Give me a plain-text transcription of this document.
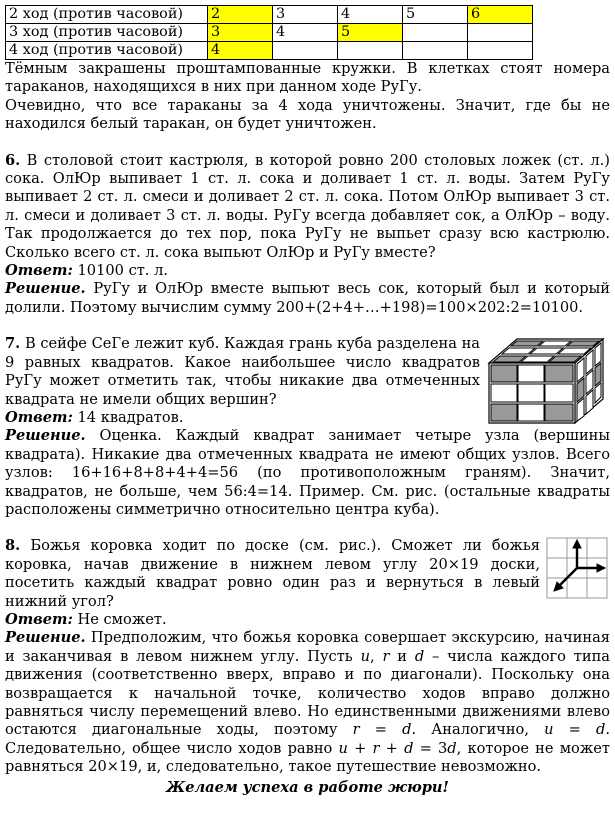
2 ход (против часовой)	2	3	4	5	6
3 ход (против часовой)	3	4	5		
4 ход (против часовой)	4				

Тёмным закрашены проштампованные кружки. В клетках стоят номера тараканов, находящихся в них при данном ходе РуГу.

Очевидно, что все тараканы за 4 хода уничтожены. Значит, где бы не находился белый таракан, он будет уничтожен.

6. В столовой стоит кастрюля, в которой ровно 200 столовых ложек (ст. л.) сока. ОлЮр выпивает 1 ст. л. сока и доливает 1 ст. л. воды. Затем РуГу выпивает 2 ст. л. смеси и доливает 2 ст. л. сока. Потом ОлЮр выпивает 3 ст. л. смеси и доливает 3 ст. л. воды. РуГу всегда добавляет сок, а ОлЮр – воду. Так продолжается до тех пор, пока РуГу не выпьет сразу всю кастрюлю. Сколько всего ст. л. сока выпьют ОлЮр и РуГу вместе?

Ответ: 10100 ст. л.

Решение. РуГу и ОлЮр вместе выпьют весь сок, который был и который долили. Поэтому вычислим сумму 200+(2+4+…+198)=100×202:2=10100.

7. В сейфе СеГе лежит куб. Каждая грань куба разделена на 9 равных квадратов. Какое наибольшее число квадратов РуГу может отметить так, чтобы никакие два отмеченных квадрата не имели общих вершин?

Ответ: 14 квадратов.

Решение. Оценка. Каждый квадрат занимает четыре узла (вершины квадрата). Никакие два отмеченных квадрата не имеют общих узлов. Всего узлов: 16+16+8+8+4+4=56 (по противоположным граням). Значит, квадратов, не больше, чем 56:4=14. Пример. См. рис. (остальные квадраты расположены симметрично относительно центра куба).

8. Божья коровка ходит по доске (см. рис.). Сможет ли божья коровка, начав движение в нижнем левом углу 20×19 доски, посетить каждый квадрат ровно один раз и вернуться в левый нижний угол?

Ответ: Не сможет.

Решение. Предположим, что божья коровка совершает экскурсию, начиная и заканчивая в левом нижнем углу. Пусть u, r и d – числа каждого типа движения (соответственно вверх, вправо и по диагонали). Поскольку она возвращается к начальной точке, количество ходов вправо должно равняться числу перемещений влево. Но единственными движениями влево остаются диагональные ходы, поэтому r = d. Аналогично, u = d. Следовательно, общее число ходов равно u + r + d = 3d, которое не может равняться 20×19, и, следовательно, такое путешествие невозможно.

Желаем успеха в работе жюри!
